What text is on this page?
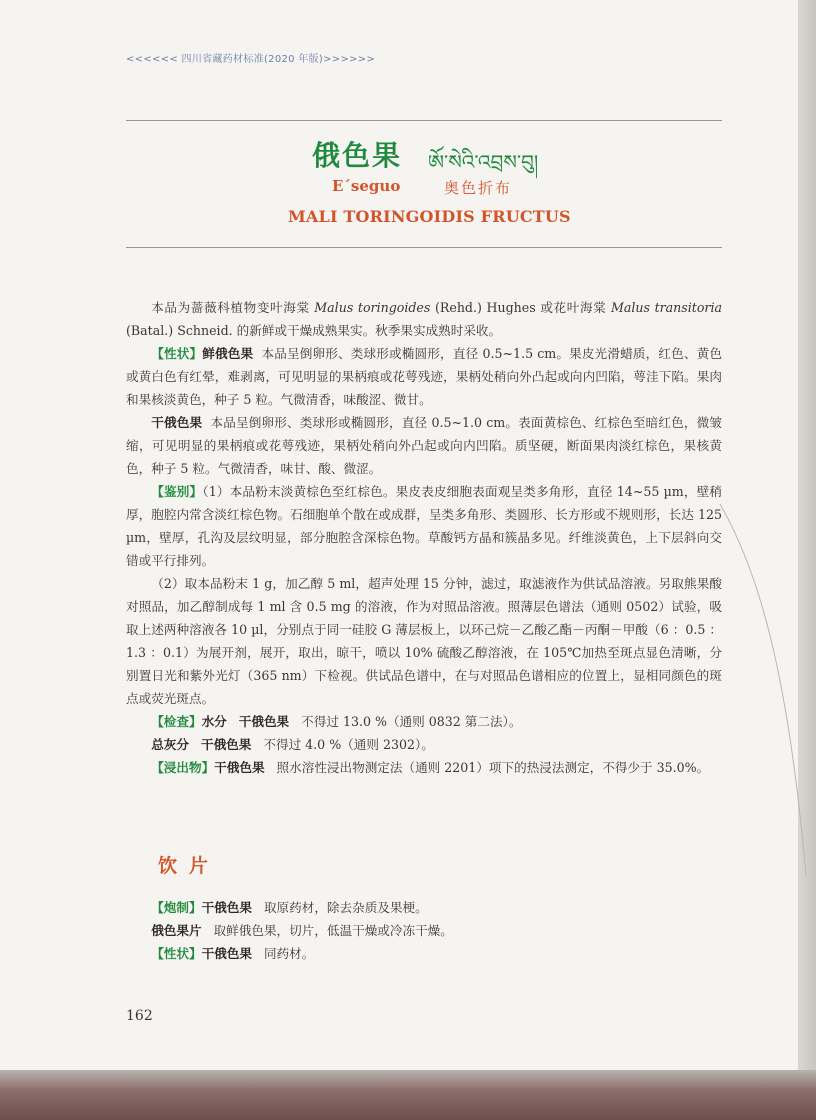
<<<<<< 四川省藏药材标准(2020 年版)>>>>>>
俄色果 ཨོ་སེའི་འབྲས་བུ།
E´seguo	奥色折布
MALI TORINGOIDIS FRUCTUS

本品为蔷薇科植物变叶海棠 Malus toringoides (Rehd.) Hughes 或花叶海棠 Malus transitoria (Batal.) Schneid. 的新鲜或干燥成熟果实。秋季果实成熟时采收。

【性状】鲜俄色果 本品呈倒卵形、类球形或椭圆形，直径 0.5~1.5 cm。果皮光滑蜡质，红色、黄色或黄白色有红晕，难剥离，可见明显的果柄痕或花萼残迹，果柄处稍向外凸起或向内凹陷，萼洼下陷。果肉和果核淡黄色，种子 5 粒。气微清香，味酸涩、微甘。

干俄色果 本品呈倒卵形、类球形或椭圆形，直径 0.5~1.0 cm。表面黄棕色、红棕色至暗红色，微皱缩，可见明显的果柄痕或花萼残迹，果柄处稍向外凸起或向内凹陷。质坚硬，断面果肉淡红棕色，果核黄色，种子 5 粒。气微清香，味甘、酸、微涩。

【鉴别】（1）本品粉末淡黄棕色至红棕色。果皮表皮细胞表面观呈类多角形，直径 14~55 µm，壁稍厚，胞腔内常含淡红棕色物。石细胞单个散在或成群，呈类多角形、类圆形、长方形或不规则形，长达 125 µm，壁厚，孔沟及层纹明显，部分胞腔含深棕色物。草酸钙方晶和簇晶多见。纤维淡黄色，上下层斜向交错或平行排列。

（2）取本品粉末 1 g，加乙醇 5 ml，超声处理 15 分钟，滤过，取滤液作为供试品溶液。另取熊果酸对照品，加乙醇制成每 1 ml 含 0.5 mg 的溶液，作为对照品溶液。照薄层色谱法（通则 0502）试验，吸取上述两种溶液各 10 µl，分别点于同一硅胶 G 薄层板上，以环己烷－乙酸乙酯－丙酮－甲酸（6 ：0.5 ：1.3 ：0.1）为展开剂，展开，取出，晾干，喷以 10% 硫酸乙醇溶液，在 105℃加热至斑点显色清晰，分别置日光和紫外光灯（365 nm）下检视。供试品色谱中，在与对照品色谱相应的位置上，显相同颜色的斑点或荧光斑点。

【检查】水分 干俄色果 不得过 13.0 %（通则 0832 第二法）。

总灰分 干俄色果 不得过 4.0 %（通则 2302）。

【浸出物】干俄色果 照水溶性浸出物测定法（通则 2201）项下的热浸法测定，不得少于 35.0%。

饮片

【炮制】干俄色果 取原药材，除去杂质及果梗。

俄色果片 取鲜俄色果，切片，低温干燥或冷冻干燥。

【性状】干俄色果 同药材。

162
